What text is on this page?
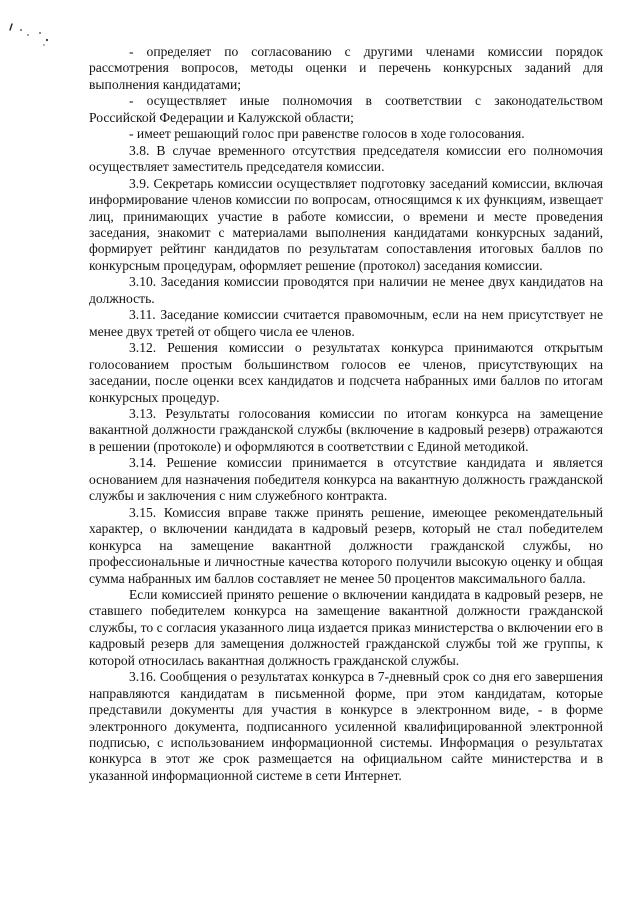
- определяет по согласованию с другими членами комиссии порядок рассмотрения вопросов, методы оценки и перечень конкурсных заданий для выполнения кандидатами;

- осуществляет иные полномочия в соответствии с законодательством Российской Федерации и Калужской области;

- имеет решающий голос при равенстве голосов в ходе голосования.

3.8. В случае временного отсутствия председателя комиссии его полномочия осуществляет заместитель председателя комиссии.

3.9. Секретарь комиссии осуществляет подготовку заседаний комиссии, включая информирование членов комиссии по вопросам, относящимся к их функциям, извещает лиц, принимающих участие в работе комиссии, о времени и месте проведения заседания, знакомит с материалами выполнения кандидатами конкурсных заданий, формирует рейтинг кандидатов по результатам сопоставления итоговых баллов по конкурсным процедурам, оформляет решение (протокол) заседания комиссии.

3.10. Заседания комиссии проводятся при наличии не менее двух кандидатов на должность.

3.11. Заседание комиссии считается правомочным, если на нем присутствует не менее двух третей от общего числа ее членов.

3.12. Решения комиссии о результатах конкурса принимаются открытым голосованием простым большинством голосов ее членов, присутствующих на заседании, после оценки всех кандидатов и подсчета набранных ими баллов по итогам конкурсных процедур.

3.13. Результаты голосования комиссии по итогам конкурса на замещение вакантной должности гражданской службы (включение в кадровый резерв) отражаются в решении (протоколе) и оформляются в соответствии с Единой методикой.

3.14. Решение комиссии принимается в отсутствие кандидата и является основанием для назначения победителя конкурса на вакантную должность гражданской службы и заключения с ним служебного контракта.

3.15. Комиссия вправе также принять решение, имеющее рекомендательный характер, о включении кандидата в кадровый резерв, который не стал победителем конкурса на замещение вакантной должности гражданской службы, но профессиональные и личностные качества которого получили высокую оценку и общая сумма набранных им баллов составляет не менее 50 процентов максимального балла.

Если комиссией принято решение о включении кандидата в кадровый резерв, не ставшего победителем конкурса на замещение вакантной должности гражданской службы, то с согласия указанного лица издается приказ министерства о включении его в кадровый резерв для замещения должностей гражданской службы той же группы, к которой относилась вакантная должность гражданской службы.

3.16. Сообщения о результатах конкурса в 7-дневный срок со дня его завершения направляются кандидатам в письменной форме, при этом кандидатам, которые представили документы для участия в конкурсе в электронном виде, - в форме электронного документа, подписанного усиленной квалифицированной электронной подписью, с использованием информационной системы. Информация о результатах конкурса в этот же срок размещается на официальном сайте министерства и в указанной информационной системе в сети Интернет.
